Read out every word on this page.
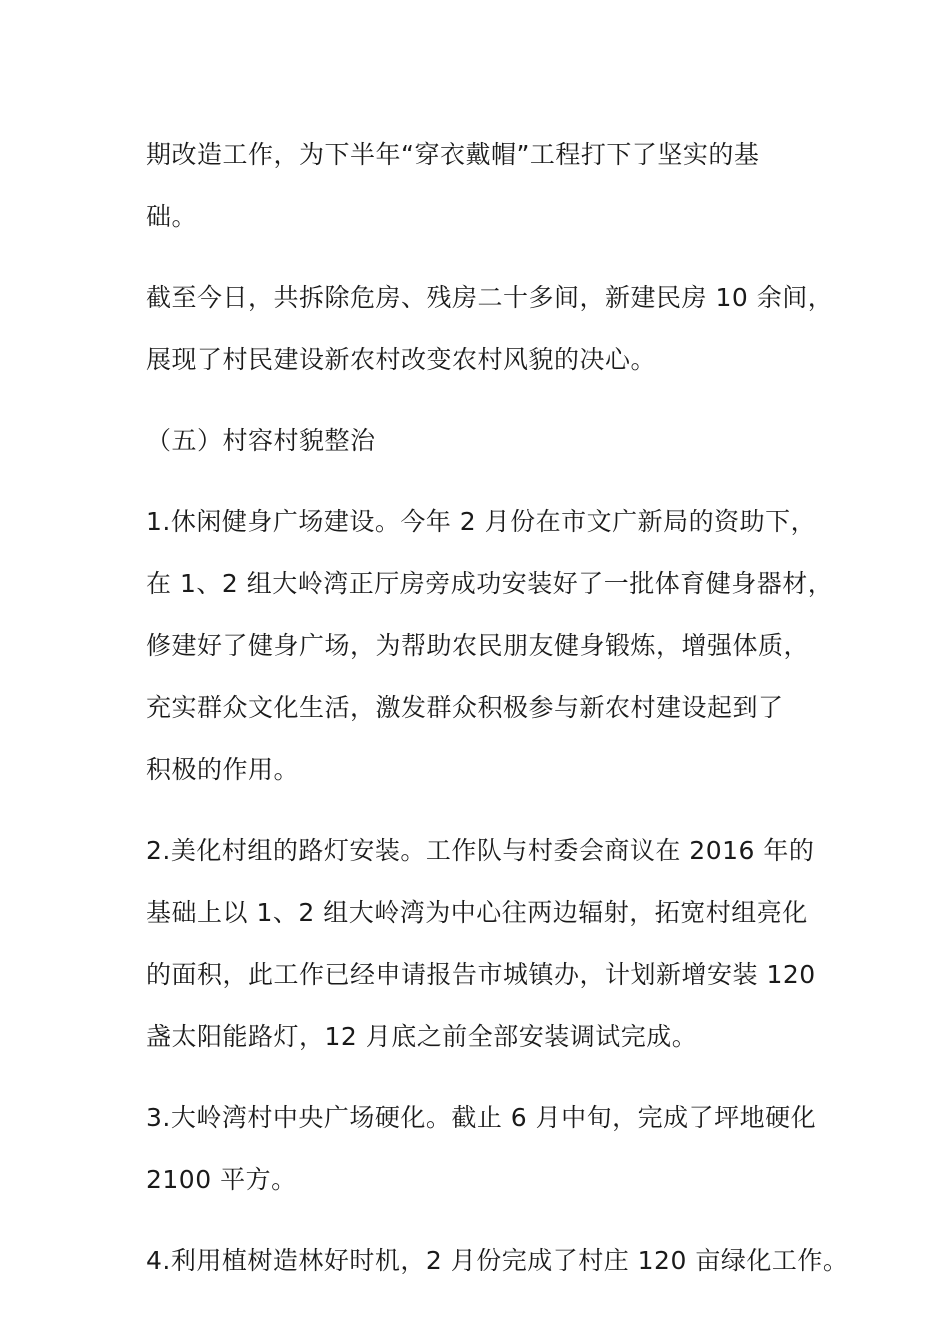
期改造工作，为下半年“穿衣戴帽”工程打下了坚实的基
础。

截至今日，共拆除危房、残房二十多间，新建民房 10 余间，
展现了村民建设新农村改变农村风貌的决心。

（五）村容村貌整治

1.休闲健身广场建设。今年 2 月份在市文广新局的资助下，
在 1、2 组大岭湾正厅房旁成功安装好了一批体育健身器材，
修建好了健身广场，为帮助农民朋友健身锻炼，增强体质，
充实群众文化生活，激发群众积极参与新农村建设起到了
积极的作用。

2.美化村组的路灯安装。工作队与村委会商议在 2016 年的
基础上以 1、2 组大岭湾为中心往两边辐射，拓宽村组亮化
的面积，此工作已经申请报告市城镇办，计划新增安装 120
盏太阳能路灯，12 月底之前全部安装调试完成。

3.大岭湾村中央广场硬化。截止 6 月中旬，完成了坪地硬化
2100 平方。

4.利用植树造林好时机，2 月份完成了村庄 120 亩绿化工作。
